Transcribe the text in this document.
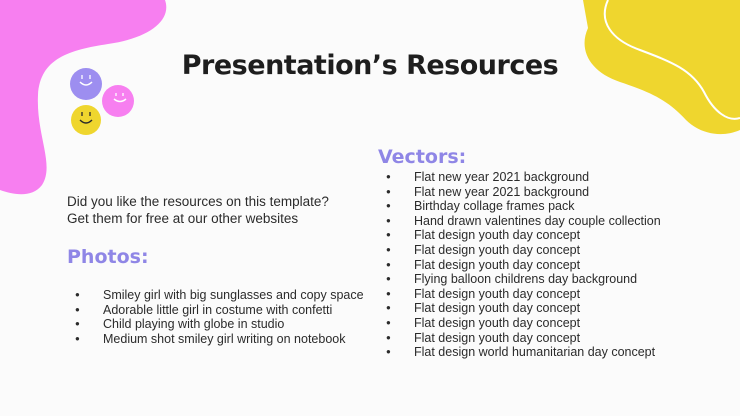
Presentation’s Resources
Did you like the resources on this template?
Get them for free at our other websites
Photos:
● Smiley girl with big sunglasses and copy space
● Adorable little girl in costume with confetti
● Child playing with globe in studio
● Medium shot smiley girl writing on notebook
Vectors:
● Flat new year 2021 background
● Flat new year 2021 background
● Birthday collage frames pack
● Hand drawn valentines day couple collection
● Flat design youth day concept
● Flat design youth day concept
● Flat design youth day concept
● Flying balloon childrens day background
● Flat design youth day concept
● Flat design youth day concept
● Flat design youth day concept
● Flat design youth day concept
● Flat design world humanitarian day concept
